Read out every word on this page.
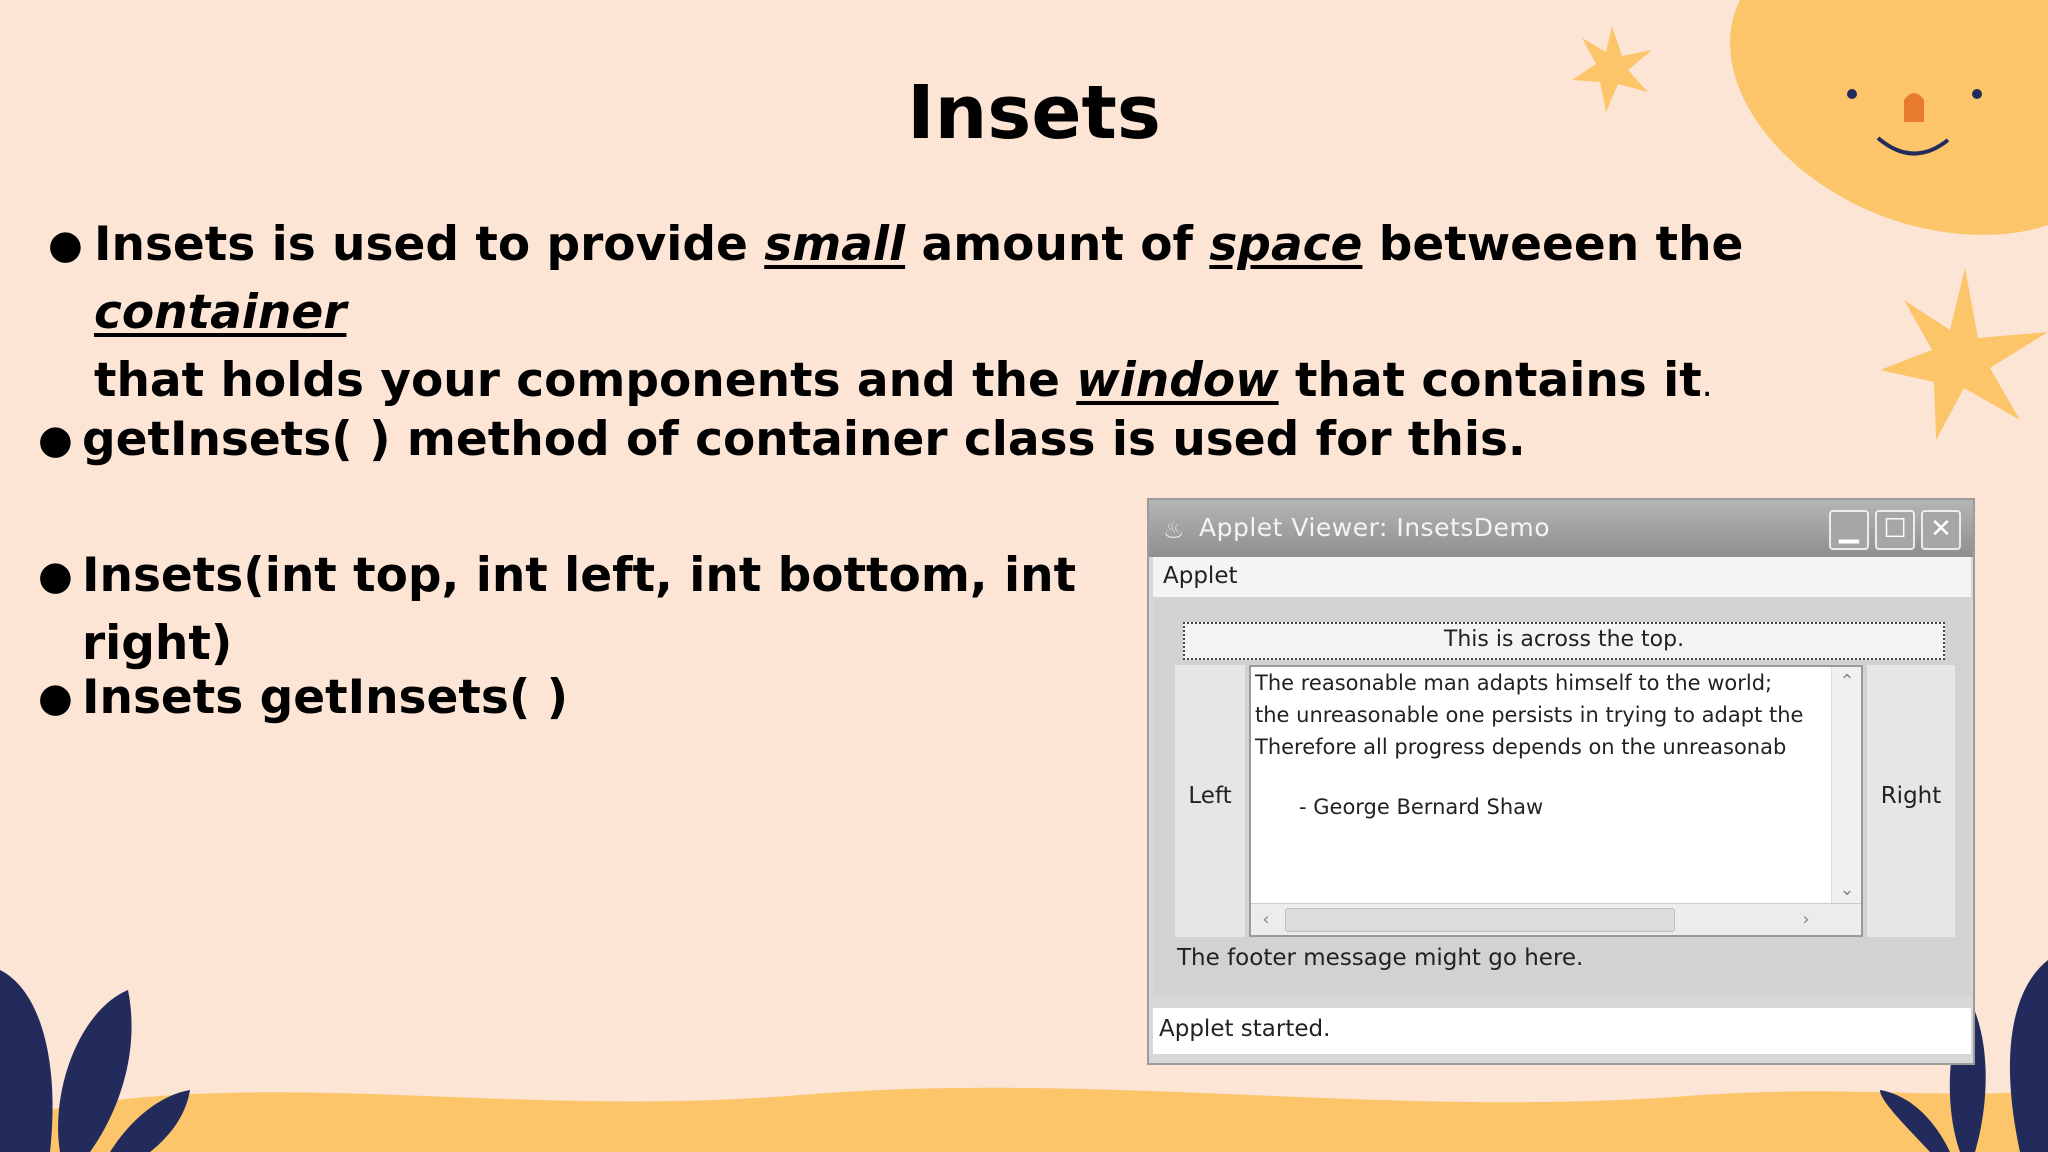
Insets
● Insets is used to provide small amount of space betweeen the container
that holds your components and the window that contains it.
● getInsets( ) method of container class is used for this.
● Insets(int top, int left, int bottom, int right)
● Insets getInsets( )
♨ Applet Viewer: InsetsDemo	▁ ☐ ✕
Applet
This is across the top.
Left
The reasonable man adapts himself to the world;
the unreasonable one persists in trying to adapt the
Therefore all progress depends on the unreasonab
- George Bernard Shaw
⌃
⌄
‹	›
Right
The footer message might go here.
Applet started.
